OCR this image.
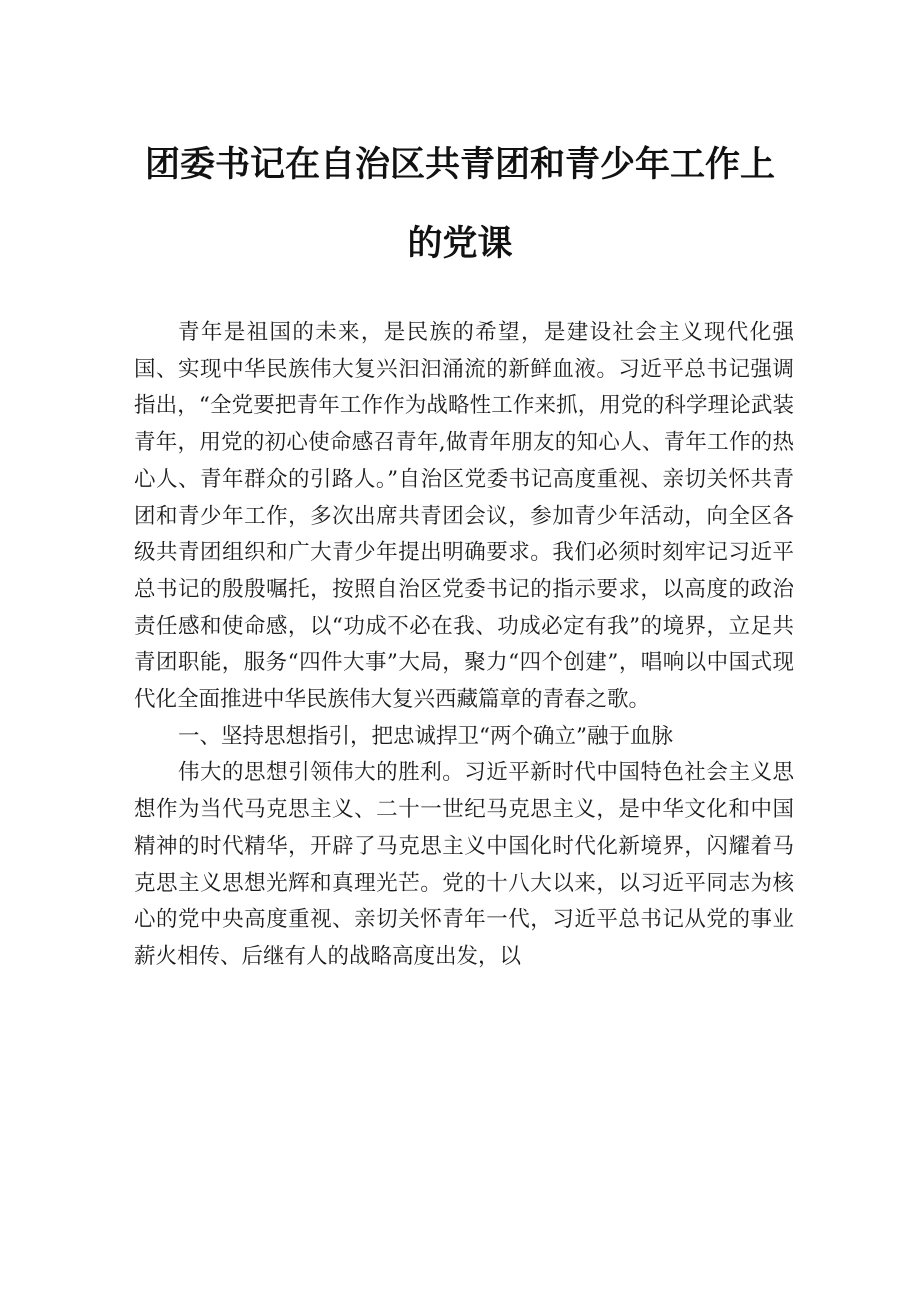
团委书记在自治区共青团和青少年工作上
的党课

青年是祖国的未来，是民族的希望，是建设社会主义现代化强国、实现中华民族伟大复兴汩汩涌流的新鲜血液。习近平总书记强调指出，“全党要把青年工作作为战略性工作来抓，用党的科学理论武装青年，用党的初心使命感召青年,做青年朋友的知心人、青年工作的热心人、青年群众的引路人。”自治区党委书记高度重视、亲切关怀共青团和青少年工作，多次出席共青团会议，参加青少年活动，向全区各级共青团组织和广大青少年提出明确要求。我们必须时刻牢记习近平总书记的殷殷嘱托，按照自治区党委书记的指示要求，以高度的政治责任感和使命感，以“功成不必在我、功成必定有我”的境界，立足共青团职能，服务“四件大事”大局，聚力“四个创建”，唱响以中国式现代化全面推进中华民族伟大复兴西藏篇章的青春之歌。

一、坚持思想指引，把忠诚捍卫“两个确立”融于血脉

伟大的思想引领伟大的胜利。习近平新时代中国特色社会主义思想作为当代马克思主义、二十一世纪马克思主义，是中华文化和中国精神的时代精华，开辟了马克思主义中国化时代化新境界，闪耀着马克思主义思想光辉和真理光芒。党的十八大以来，以习近平同志为核心的党中央高度重视、亲切关怀青年一代，习近平总书记从党的事业薪火相传、后继有人的战略高度出发，以
